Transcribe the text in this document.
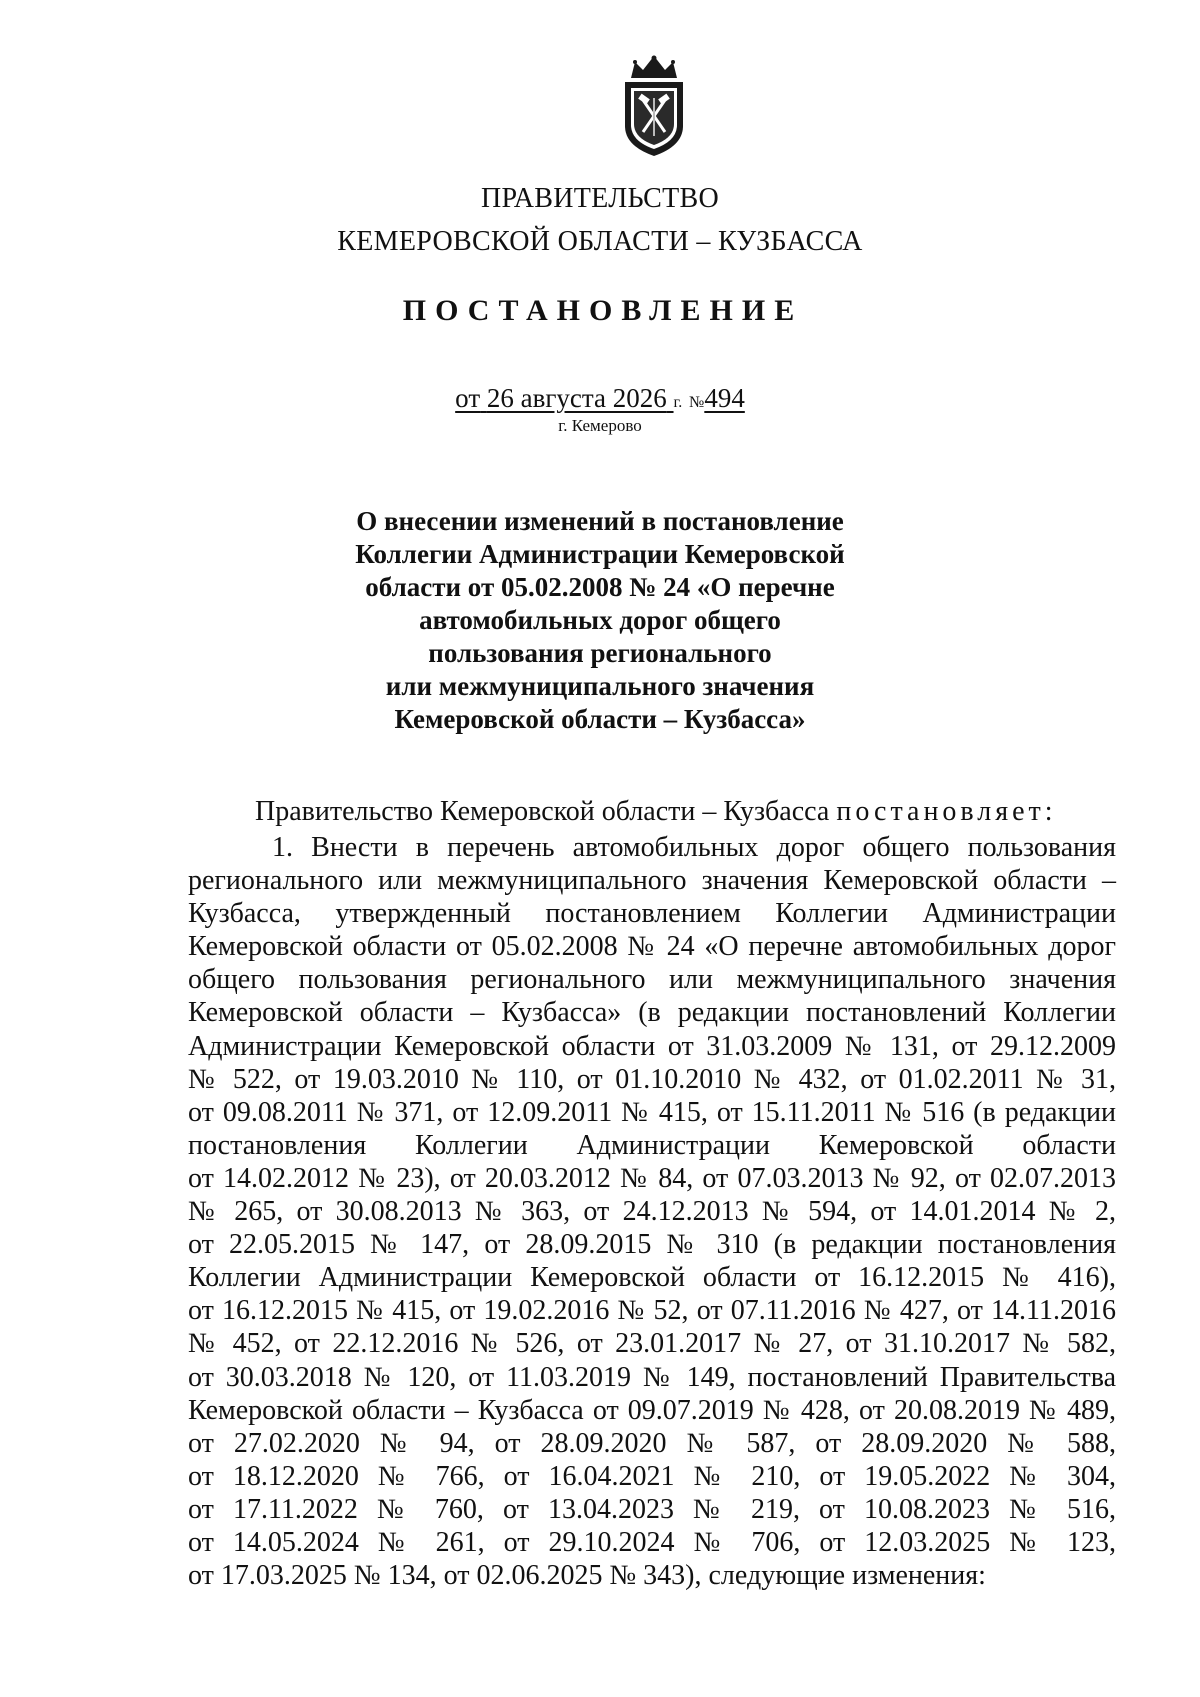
ПРАВИТЕЛЬСТВО
КЕМЕРОВСКОЙ ОБЛАСТИ – КУЗБАССА
ПОСТАНОВЛЕНИЕ
от 26 августа 2026 г. №494
г. Кемерово
О внесении изменений в постановление
Коллегии Администрации Кемеровской
области от 05.02.2008 № 24 «О перечне
автомобильных дорог общего
пользования регионального
или межмуниципального значения
Кемеровской области – Кузбасса»
Правительство Кемеровской области – Кузбасса постановляет:

1. Внести в перечень автомобильных дорог общего пользования

регионального или межмуниципального значения Кемеровской области –

Кузбасса, утвержденный постановлением Коллегии Администрации

Кемеровской области от 05.02.2008 № 24 «О перечне автомобильных дорог

общего пользования регионального или межмуниципального значения

Кемеровской области – Кузбасса» (в редакции постановлений Коллегии

Администрации Кемеровской области от 31.03.2009 № 131, от 29.12.2009

№ 522, от 19.03.2010 № 110, от 01.10.2010 № 432, от 01.02.2011 № 31,

от 09.08.2011 № 371, от 12.09.2011 № 415, от 15.11.2011 № 516 (в редакции

постановления Коллегии Администрации Кемеровской области

от 14.02.2012 № 23), от 20.03.2012 № 84, от 07.03.2013 № 92, от 02.07.2013

№ 265, от 30.08.2013 № 363, от 24.12.2013 № 594, от 14.01.2014 № 2,

от 22.05.2015 № 147, от 28.09.2015 № 310 (в редакции постановления

Коллегии Администрации Кемеровской области от 16.12.2015 № 416),

от 16.12.2015 № 415, от 19.02.2016 № 52, от 07.11.2016 № 427, от 14.11.2016

№ 452, от 22.12.2016 № 526, от 23.01.2017 № 27, от 31.10.2017 № 582,

от 30.03.2018 № 120, от 11.03.2019 № 149, постановлений Правительства

Кемеровской области – Кузбасса от 09.07.2019 № 428, от 20.08.2019 № 489,

от 27.02.2020 № 94, от 28.09.2020 № 587, от 28.09.2020 № 588,

от 18.12.2020 № 766, от 16.04.2021 № 210, от 19.05.2022 № 304,

от 17.11.2022 № 760, от 13.04.2023 № 219, от 10.08.2023 № 516,

от 14.05.2024 № 261, от 29.10.2024 № 706, от 12.03.2025 № 123,

от 17.03.2025 № 134, от 02.06.2025 № 343), следующие изменения:
